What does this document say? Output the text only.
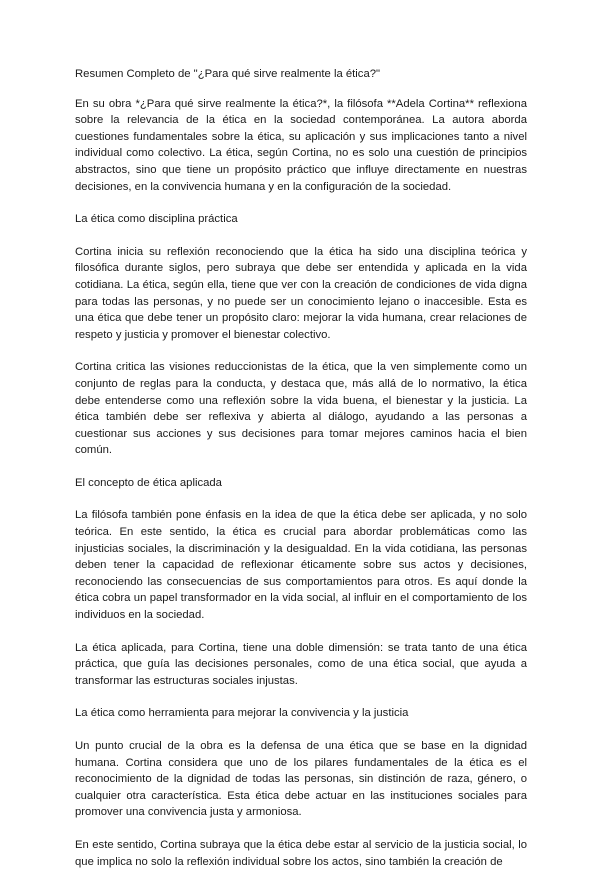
Resumen Completo de "¿Para qué sirve realmente la ética?"

En su obra *¿Para qué sirve realmente la ética?*, la filósofa **Adela Cortina** reflexiona sobre la relevancia de la ética en la sociedad contemporánea. La autora aborda cuestiones fundamentales sobre la ética, su aplicación y sus implicaciones tanto a nivel individual como colectivo. La ética, según Cortina, no es solo una cuestión de principios abstractos, sino que tiene un propósito práctico que influye directamente en nuestras decisiones, en la convivencia humana y en la configuración de la sociedad.

La ética como disciplina práctica

Cortina inicia su reflexión reconociendo que la ética ha sido una disciplina teórica y filosófica durante siglos, pero subraya que debe ser entendida y aplicada en la vida cotidiana. La ética, según ella, tiene que ver con la creación de condiciones de vida digna para todas las personas, y no puede ser un conocimiento lejano o inaccesible. Esta es una ética que debe tener un propósito claro: mejorar la vida humana, crear relaciones de respeto y justicia y promover el bienestar colectivo.

Cortina critica las visiones reduccionistas de la ética, que la ven simplemente como un conjunto de reglas para la conducta, y destaca que, más allá de lo normativo, la ética debe entenderse como una reflexión sobre la vida buena, el bienestar y la justicia. La ética también debe ser reflexiva y abierta al diálogo, ayudando a las personas a cuestionar sus acciones y sus decisiones para tomar mejores caminos hacia el bien común.

El concepto de ética aplicada

La filósofa también pone énfasis en la idea de que la ética debe ser aplicada, y no solo teórica. En este sentido, la ética es crucial para abordar problemáticas como las injusticias sociales, la discriminación y la desigualdad. En la vida cotidiana, las personas deben tener la capacidad de reflexionar éticamente sobre sus actos y decisiones, reconociendo las consecuencias de sus comportamientos para otros. Es aquí donde la ética cobra un papel transformador en la vida social, al influir en el comportamiento de los individuos en la sociedad.

La ética aplicada, para Cortina, tiene una doble dimensión: se trata tanto de una ética práctica, que guía las decisiones personales, como de una ética social, que ayuda a transformar las estructuras sociales injustas.

La ética como herramienta para mejorar la convivencia y la justicia

Un punto crucial de la obra es la defensa de una ética que se base en la dignidad humana. Cortina considera que uno de los pilares fundamentales de la ética es el reconocimiento de la dignidad de todas las personas, sin distinción de raza, género, o cualquier otra característica. Esta ética debe actuar en las instituciones sociales para promover una convivencia justa y armoniosa.

En este sentido, Cortina subraya que la ética debe estar al servicio de la justicia social, lo que implica no solo la reflexión individual sobre los actos, sino también la creación de
